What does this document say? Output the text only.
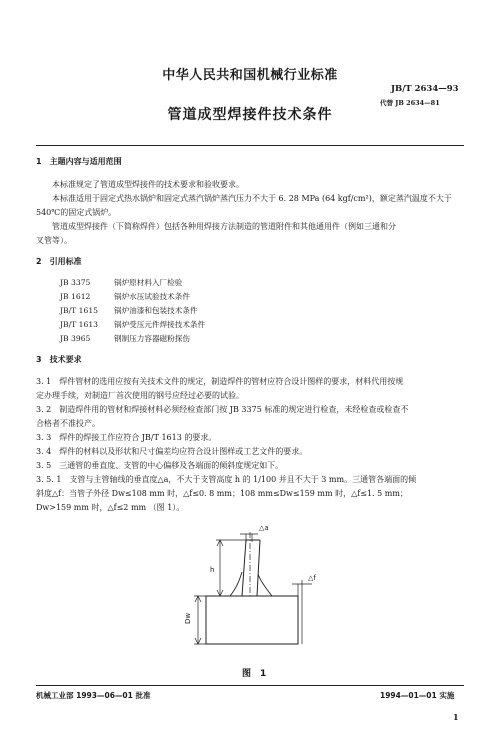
中华人民共和国机械行业标准
JB/T 2634—93
代替 JB 2634—81
管道成型焊接件技术条件
1　主题内容与适用范围
本标准规定了管道成型焊接件的技术要求和验收要求。
本标准适用于固定式热水锅炉和固定式蒸汽锅炉蒸汽压力不大于 6. 28 MPa (64 kgf/cm²)，额定蒸汽温度不大于
540℃的固定式锅炉。
管道成型焊接件（下简称焊件）包括各种用焊接方法制造的管道附件和其他通用件（例如三通和分
叉管等）。
2　引用标准
JB 3375	锅炉原材料入厂检验
JB 1612	锅炉水压试验技术条件
JB/T 1615 锅炉油漆和包装技术条件
JB/T 1613 锅炉受压元件焊接技术条件
JB 3965	钢制压力容器磁粉探伤
3　技术要求
3. 1　焊件管材的选用应按有关技术文件的规定，制造焊件的管材应符合设计图样的要求，材料代用按规
定办理手续，对制造厂首次使用的钢号应经过必要的试验。
3. 2　制造焊件用的管材和焊接材料必须经检查部门按 JB 3375 标准的规定进行检查，未经检查或检查不
合格者不准投产。
3. 3　焊件的焊接工作应符合 JB/T 1613 的要求。
3. 4　焊件的材料以及形状和尺寸偏差均应符合设计图样或工艺文件的要求。
3. 5　三通管的垂直度、支管的中心偏移及各端面的倾斜度规定如下。
3. 5. 1　支管与主管轴线的垂直度△a，不大于支管高度 h 的 1/100 并且不大于 3 mm。三通管各端面的倾
斜度△f：当管子外径 Dw≤108 mm 时，△f≤0. 8 mm；108 mm≤Dw≤159 mm 时，△f≤1. 5 mm；
Dw>159 mm 时，△f≤2 mm （图 1）。
△a
△f
h
Dw
图　1
机械工业部 1993—06—01 批准	1994—01—01 实施
1
